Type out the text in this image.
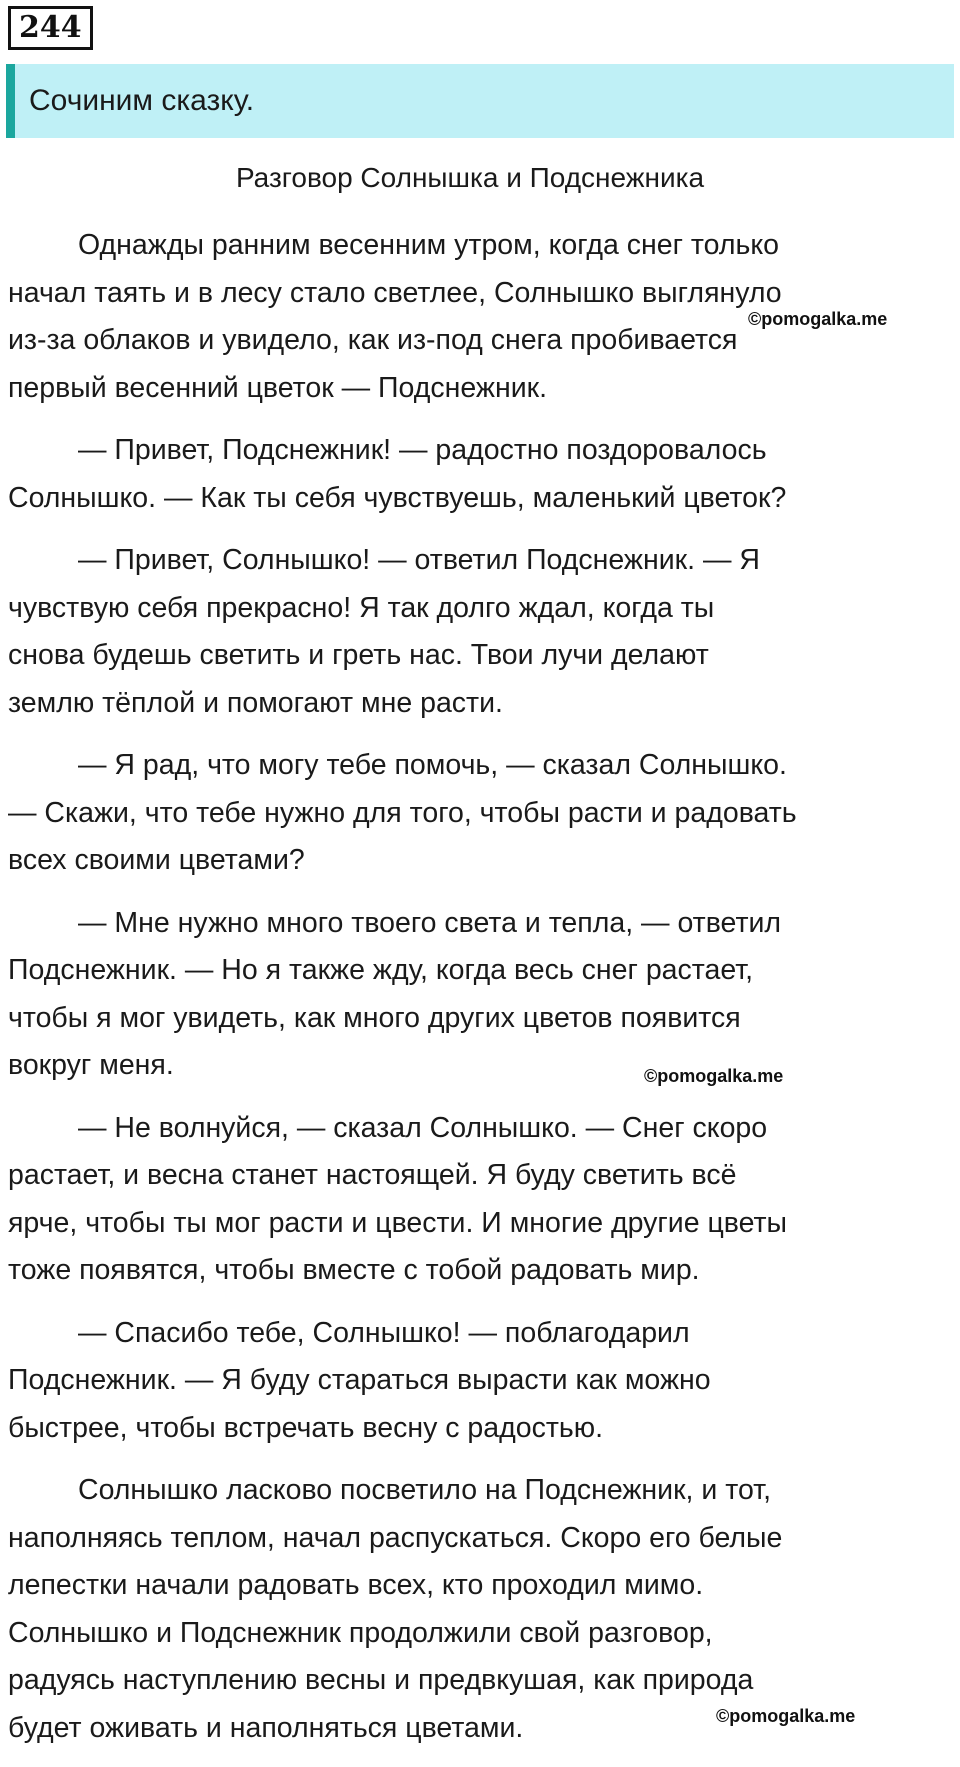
244
Сочиним сказку.
Разговор Солнышка и Подснежника
Однажды ранним весенним утром, когда снег только
начал таять и в лесу стало светлее, Солнышко выглянуло
из-за облаков и увидело, как из-под снега пробивается
первый весенний цветок — Подснежник.
— Привет, Подснежник! — радостно поздоровалось
Солнышко. — Как ты себя чувствуешь, маленький цветок?
— Привет, Солнышко! — ответил Подснежник. — Я
чувствую себя прекрасно! Я так долго ждал, когда ты
снова будешь светить и греть нас. Твои лучи делают
землю тёплой и помогают мне расти.
— Я рад, что могу тебе помочь, — сказал Солнышко.
— Скажи, что тебе нужно для того, чтобы расти и радовать
всех своими цветами?
— Мне нужно много твоего света и тепла, — ответил
Подснежник. — Но я также жду, когда весь снег растает,
чтобы я мог увидеть, как много других цветов появится
вокруг меня.
— Не волнуйся, — сказал Солнышко. — Снег скоро
растает, и весна станет настоящей. Я буду светить всё
ярче, чтобы ты мог расти и цвести. И многие другие цветы
тоже появятся, чтобы вместе с тобой радовать мир.
— Спасибо тебе, Солнышко! — поблагодарил
Подснежник. — Я буду стараться вырасти как можно
быстрее, чтобы встречать весну с радостью.
Солнышко ласково посветило на Подснежник, и тот,
наполняясь теплом, начал распускаться. Скоро его белые
лепестки начали радовать всех, кто проходил мимо.
Солнышко и Подснежник продолжили свой разговор,
радуясь наступлению весны и предвкушая, как природа
будет оживать и наполняться цветами.
©pomogalka.me
©pomogalka.me
©pomogalka.me
